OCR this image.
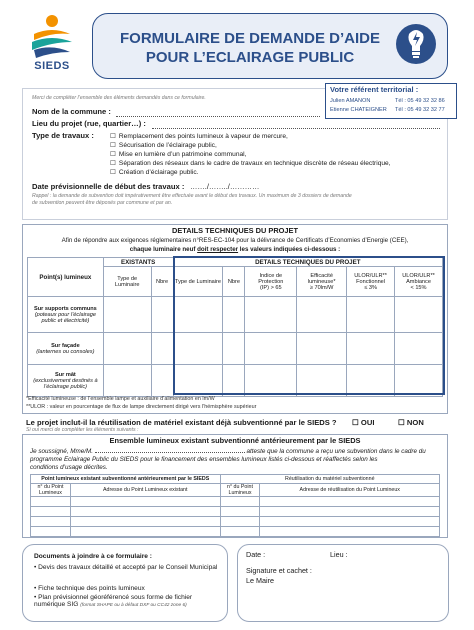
SIEDS
FORMULAIRE DE DEMANDE D’AIDE
POUR L’ECLAIRAGE PUBLIC
Votre référent territorial :
Julien AMANON	Tél : 05 49 32 32 86
Etienne CHATEIGNER Tél : 05 49 32 32 77
Merci de compléter l’ensemble des éléments demandés dans ce formulaire.
Nom de la commune :
Lieu du projet (rue, quartier…) :
Type de travaux :	☐ Remplacement des points lumineux à vapeur de mercure,
☐ Sécurisation de l’éclairage public,
☐ Mise en lumière d’un patrimoine communal,
☐ Séparation des réseaux dans le cadre de travaux en technique discrète de réseau électrique,
☐ Création d’éclairage public.
Date prévisionnelle de début des travaux : ……./……../…………
Rappel : la demande de subvention doit impérativement être effectuée avant le début des travaux. Un maximum de 3 dossiers de demande
de subvention peuvent être déposés par commune et par an.
DETAILS TECHNIQUES DU PROJET
Afin de répondre aux exigences réglementaires n°RES-EC-104 pour la délivrance de Certificats d’Economies d’Energie (CEE),
chaque luminaire neuf doit respecter les valeurs indiquées ci-dessous :
Point(s) lumineux	EXISTANTS		DETAILS TECHNIQUES DU PROJET					
	Type de Luminaire	Nbre	Type de Luminaire	Nbre	Indice de Protection
(IP) > 65	Efficacité lumineuse*
≥ 70lm/W	ULOR/ULR** Fonctionnel
≤ 3%	ULOR/ULR** Ambiance
< 15%
Sur supports communs
(poteaux pour l’éclairage public et électricité)								
Sur façade
(lanternes ou consoles)								
Sur mât
(exclusivement destinés à l’éclairage public)								
*Efficacité lumineuse : de l’ensemble lampe et auxiliaire d’alimentation en lm/W
**ULOR : valeur en pourcentage de flux de lampe directement dirigé vers l’hémisphère supérieur
Le projet inclut-il la réutilisation de matériel existant déjà subventionné par le SIEDS ? ☐ OUI	☐ NON
Si oui merci de compléter les éléments suivants :
Ensemble lumineux existant subventionné antérieurement par le SIEDS
Je soussigné, Mme/M.	atteste que la commune a reçu une subvention dans le cadre du
programme Eclairage Public du SIEDS pour le financement des ensembles lumineux listés ci-dessous et réaffectés selon les
conditions d’usage décrites.
Point lumineux existant subventionné antérieurement par le SIEDS		Réutilisation du matériel subventionné	
n° du Point Lumineux	Adresse du Point Lumineux existant	n° du Point Lumineux	Adresse de réutilisation du Point Lumineux

Documents à joindre à ce formulaire :
• Devis des travaux détaillé et accepté par le Conseil Municipal
• Fiche technique des points lumineux
• Plan prévisionnel géoréférencé sous forme de fichier numérique SIG (format SHAPE ou à défaut DXF ou CC42 zone 6)
Date :	Lieu :
Signature et cachet :
Le Maire
